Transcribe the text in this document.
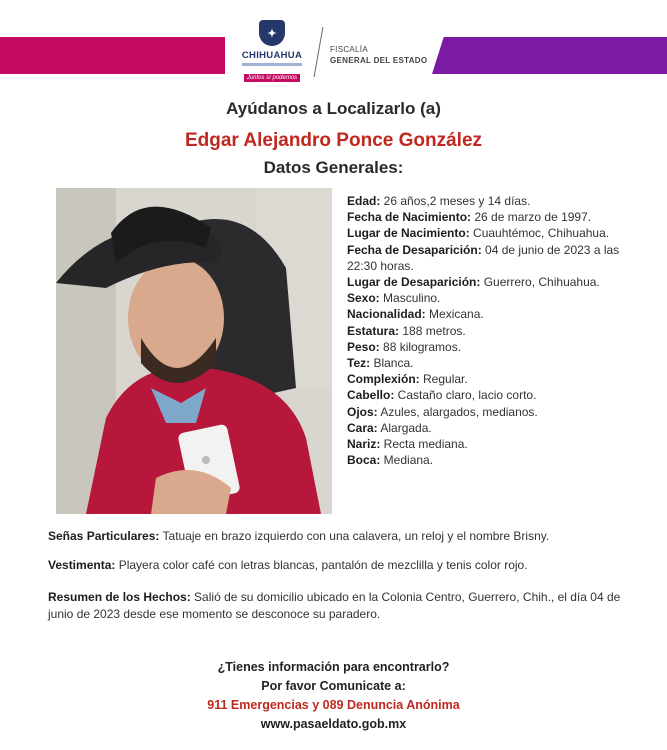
✦
CHIHUAHUA
Juntos sí podemos
FISCALÍA
GENERAL DEL ESTADO
Ayúdanos a Localizarlo (a)
Edgar Alejandro Ponce González
Datos Generales:
Edad: 26 años,2 meses y 14 días.
Fecha de Nacimiento: 26 de marzo de 1997.
Lugar de Nacimiento: Cuauhtémoc, Chihuahua.
Fecha de Desaparición: 04 de junio de 2023 a las 22:30 horas.
Lugar de Desaparición: Guerrero, Chihuahua.
Sexo: Masculino.
Nacionalidad: Mexicana.
Estatura: 188 metros.
Peso: 88 kilogramos.
Tez: Blanca.
Complexión: Regular.
Cabello: Castaño claro, lacio corto.
Ojos: Azules, alargados, medianos.
Cara: Alargada.
Nariz: Recta mediana.
Boca: Mediana.
Señas Particulares: Tatuaje en brazo izquierdo con una calavera, un reloj y el nombre Brisny.
Vestimenta: Playera color café con letras blancas, pantalón de mezclilla y tenis color rojo.
Resumen de los Hechos: Salió de su domicilio ubicado en la Colonia Centro, Guerrero, Chih., el día 04 de junio de 2023 desde ese momento se desconoce su paradero.
¿Tienes información para encontrarlo?
Por favor Comunicate a:
911 Emergencias y 089 Denuncia Anónima
www.pasaeldato.gob.mx
